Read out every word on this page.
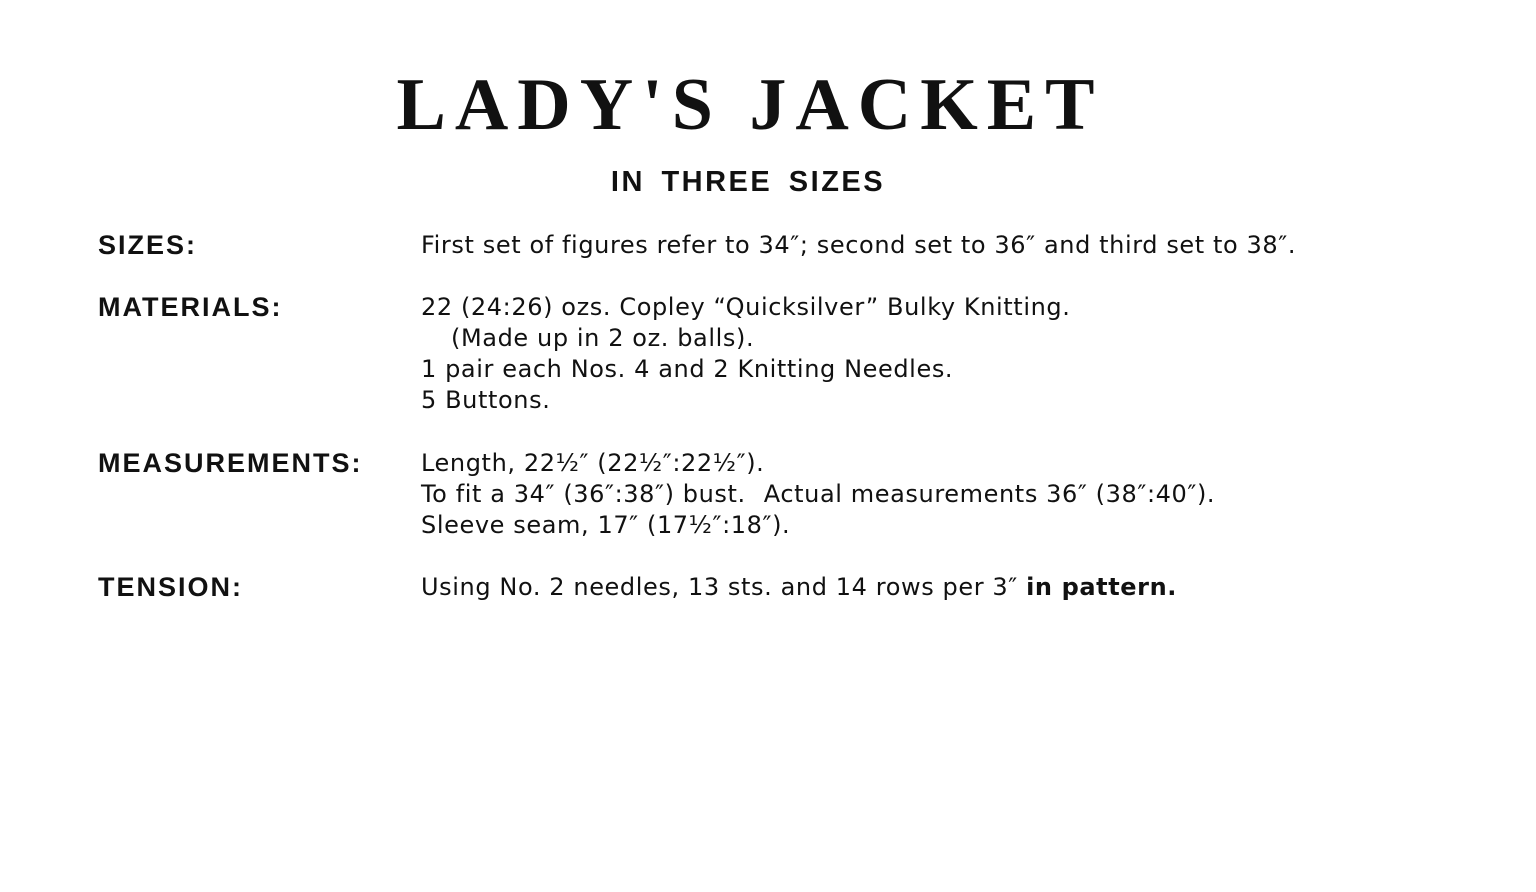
LADY'S JACKET
IN THREE SIZES
SIZES:	First set of figures refer to 34″; second set to 36″ and third set to 38″.
MATERIALS:	22 (24:26) ozs. Copley “Quicksilver” Bulky Knitting.
(Made up in 2 oz. balls).
1 pair each Nos. 4 and 2 Knitting Needles.
5 Buttons.
MEASUREMENTS: Length, 22½″ (22½″:22½″).
To fit a 34″ (36″:38″) bust. Actual measurements 36″ (38″:40″).
Sleeve seam, 17″ (17½″:18″).
TENSION:	Using No. 2 needles, 13 sts. and 14 rows per 3″ in pattern.
